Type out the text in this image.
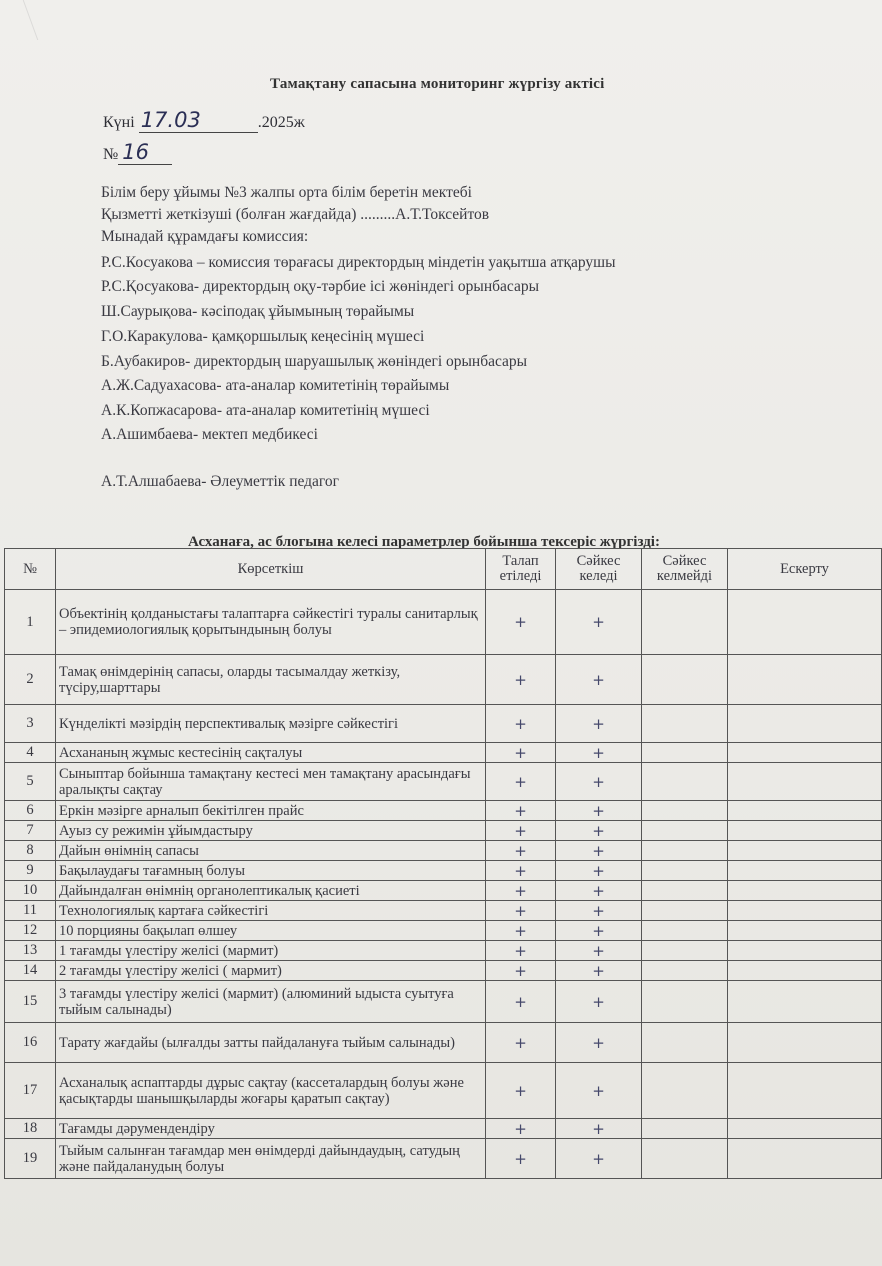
Тамақтану сапасына мониторинг жүргізу актісі
Күні 17.03	.2025ж
№ 16
Білім беру ұйымы №3 жалпы орта білім беретін мектебі
Қызметті жеткізуші (болған жағдайда) .........А.Т.Токсейтов
Мынадай құрамдағы комиссия:
Р.С.Косуакова – комиссия төрағасы директордың міндетін уақытша атқарушы
Р.С.Қосуакова- директордың оқу-тәрбие ісі жөніндегі орынбасары
Ш.Саурықова- кәсіподақ ұйымының төрайымы
Г.О.Каракулова- қамқоршылық кеңесінің мүшесі
Б.Аубакиров- директордың шаруашылық жөніндегі орынбасары
А.Ж.Садуахасова- ата-аналар комитетінің төрайымы
А.К.Копжасарова- ата-аналар комитетінің мүшесі
А.Ашимбаева- мектеп медбикесі
А.Т.Алшабаева- Әлеуметтік педагог
Асханаға, ас блогына келесі параметрлер бойынша тексеріс жүргізді:
№	Көрсеткіш	Талап етіледі	Сәйкес келеді	Сәйкес келмейді	Ескерту
1	Объектінің қолданыстағы талаптарға сәйкестігі туралы санитарлық – эпидемиологиялық қорытындының болуы	+	+		
2	Тамақ өнімдерінің сапасы, оларды тасымалдау жеткізу, түсіру,шарттары	+	+		
3	Күнделікті мәзірдің перспективалық мәзірге сәйкестігі	+	+		
4	Асхананың жұмыс кестесінің сақталуы	+	+		
5	Сыныптар бойынша тамақтану кестесі мен тамақтану арасындағы аралықты сақтау	+	+		
6	Еркін мәзірге арналып бекітілген прайс	+	+		
7	Ауыз су режимін ұйымдастыру	+	+		
8	Дайын өнімнің сапасы	+	+		
9	Бақылаудағы тағамның болуы	+	+		
10	Дайындалған өнімнің органолептикалық қасиеті	+	+		
11	Технологиялық картаға сәйкестігі	+	+		
12	10 порцияны бақылап өлшеу	+	+		
13	1 тағамды үлестіру желісі (мармит)	+	+		
14	2 тағамды үлестіру желісі ( мармит)	+	+		
15	3 тағамды үлестіру желісі (мармит) (алюминий ыдыста суытуға тыйым салынады)	+	+		
16	Тарату жағдайы (ылғалды затты пайдалануға тыйым салынады)	+	+		
17	Асханалық аспаптарды дұрыс сақтау (кассеталардың болуы және қасықтарды шанышқыларды жоғары қаратып сақтау)	+	+		
18	Тағамды дәрумендендіру	+	+		
19	Тыйым салынған тағамдар мен өнімдерді дайындаудың, сатудың және пайдаланудың болуы	+	+		
